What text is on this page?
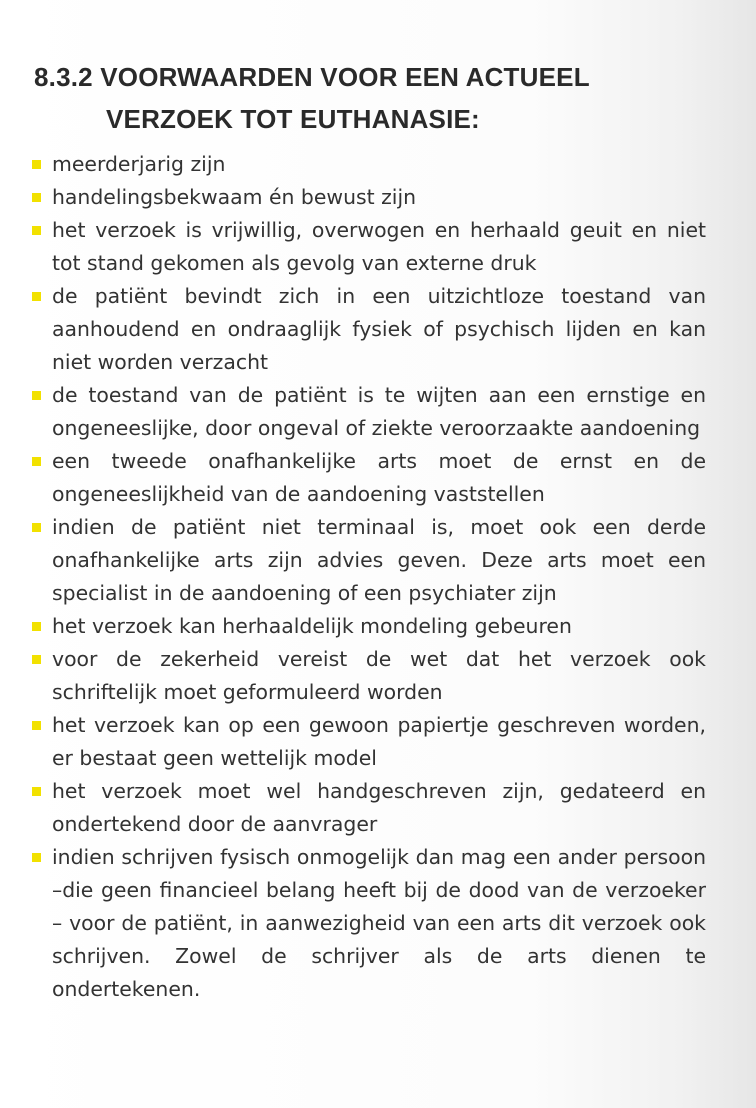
8.3.2 VOORWAARDEN VOOR EEN ACTUEEL
VERZOEK TOT EUTHANASIE:
meerderjarig zijn
handelingsbekwaam én bewust zijn
het verzoek is vrijwillig, overwogen en herhaald geuit en niet tot stand gekomen als gevolg van externe druk
de patiënt bevindt zich in een uitzichtloze toestand van aanhoudend en ondraaglijk fysiek of psychisch lijden en kan niet worden verzacht
de toestand van de patiënt is te wijten aan een ernstige en ongeneeslijke, door ongeval of ziekte veroorzaakte aandoening
een tweede onafhankelijke arts moet de ernst en de ongeneeslijkheid van de aandoening vaststellen
indien de patiënt niet terminaal is, moet ook een derde onafhankelijke arts zijn advies geven. Deze arts moet een specialist in de aandoening of een psychiater zijn
het verzoek kan herhaaldelijk mondeling gebeuren
voor de zekerheid vereist de wet dat het verzoek ook schriftelijk moet geformuleerd worden
het verzoek kan op een gewoon papiertje geschreven worden, er bestaat geen wettelijk model
het verzoek moet wel handgeschreven zijn, gedateerd en ondertekend door de aanvrager
indien schrijven fysisch onmogelijk dan mag een ander persoon –die geen financieel belang heeft bij de dood van de verzoeker – voor de patiënt, in aanwezigheid van een arts dit verzoek ook schrijven. Zowel de schrijver als de arts dienen te ondertekenen.
